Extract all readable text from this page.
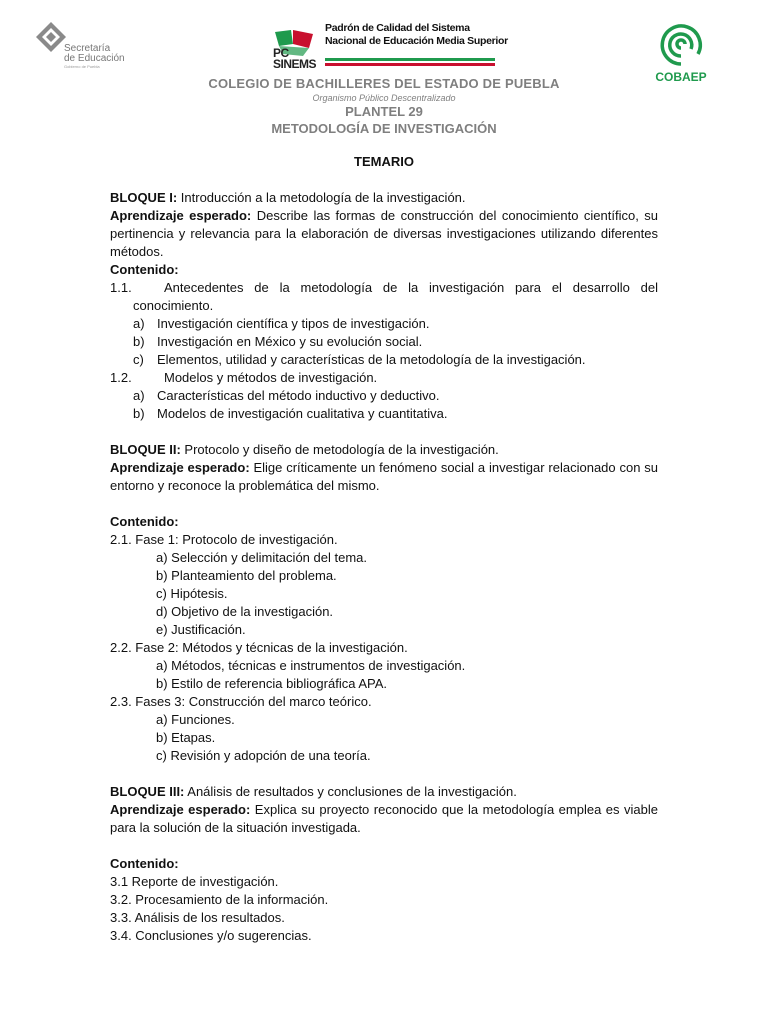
Secretaría
de Educación
Gobierno de Puebla
PC
SINEMS
Padrón de Calidad del Sistema
Nacional de Educación Media Superior
COBAEP
COLEGIO DE BACHILLERES DEL ESTADO DE PUEBLA
Organismo Público Descentralizado
PLANTEL 29
METODOLOGÍA DE INVESTIGACIÓN
TEMARIO

BLOQUE I: Introducción a la metodología de la investigación.

Aprendizaje esperado: Describe las formas de construcción del conocimiento científico, su pertinencia y relevancia para la elaboración de diversas investigaciones utilizando diferentes métodos.

Contenido:

1.1.	Antecedentes de la metodología de la investigación para el desarrollo del
conocimiento.
a) Investigación científica y tipos de investigación.
b) Investigación en México y su evolución social.
c)	Elementos, utilidad y características de la metodología de la investigación.
1.2.	Modelos y métodos de investigación.
a) Características del método inductivo y deductivo.
b) Modelos de investigación cualitativa y cuantitativa.

BLOQUE II: Protocolo y diseño de metodología de la investigación.

Aprendizaje esperado: Elige críticamente un fenómeno social a investigar relacionado con su entorno y reconoce la problemática del mismo.

Contenido:

2.1. Fase 1: Protocolo de investigación.
a) Selección y delimitación del tema.
b) Planteamiento del problema.
c) Hipótesis.
d) Objetivo de la investigación.
e) Justificación.
2.2. Fase 2: Métodos y técnicas de la investigación.
a) Métodos, técnicas e instrumentos de investigación.
b) Estilo de referencia bibliográfica APA.
2.3. Fases 3: Construcción del marco teórico.
a) Funciones.
b) Etapas.
c) Revisión y adopción de una teoría.

BLOQUE III: Análisis de resultados y conclusiones de la investigación.

Aprendizaje esperado: Explica su proyecto reconocido que la metodología emplea es viable para la solución de la situación investigada.

Contenido:

3.1 Reporte de investigación.
3.2. Procesamiento de la información.
3.3. Análisis de los resultados.
3.4. Conclusiones y/o sugerencias.
